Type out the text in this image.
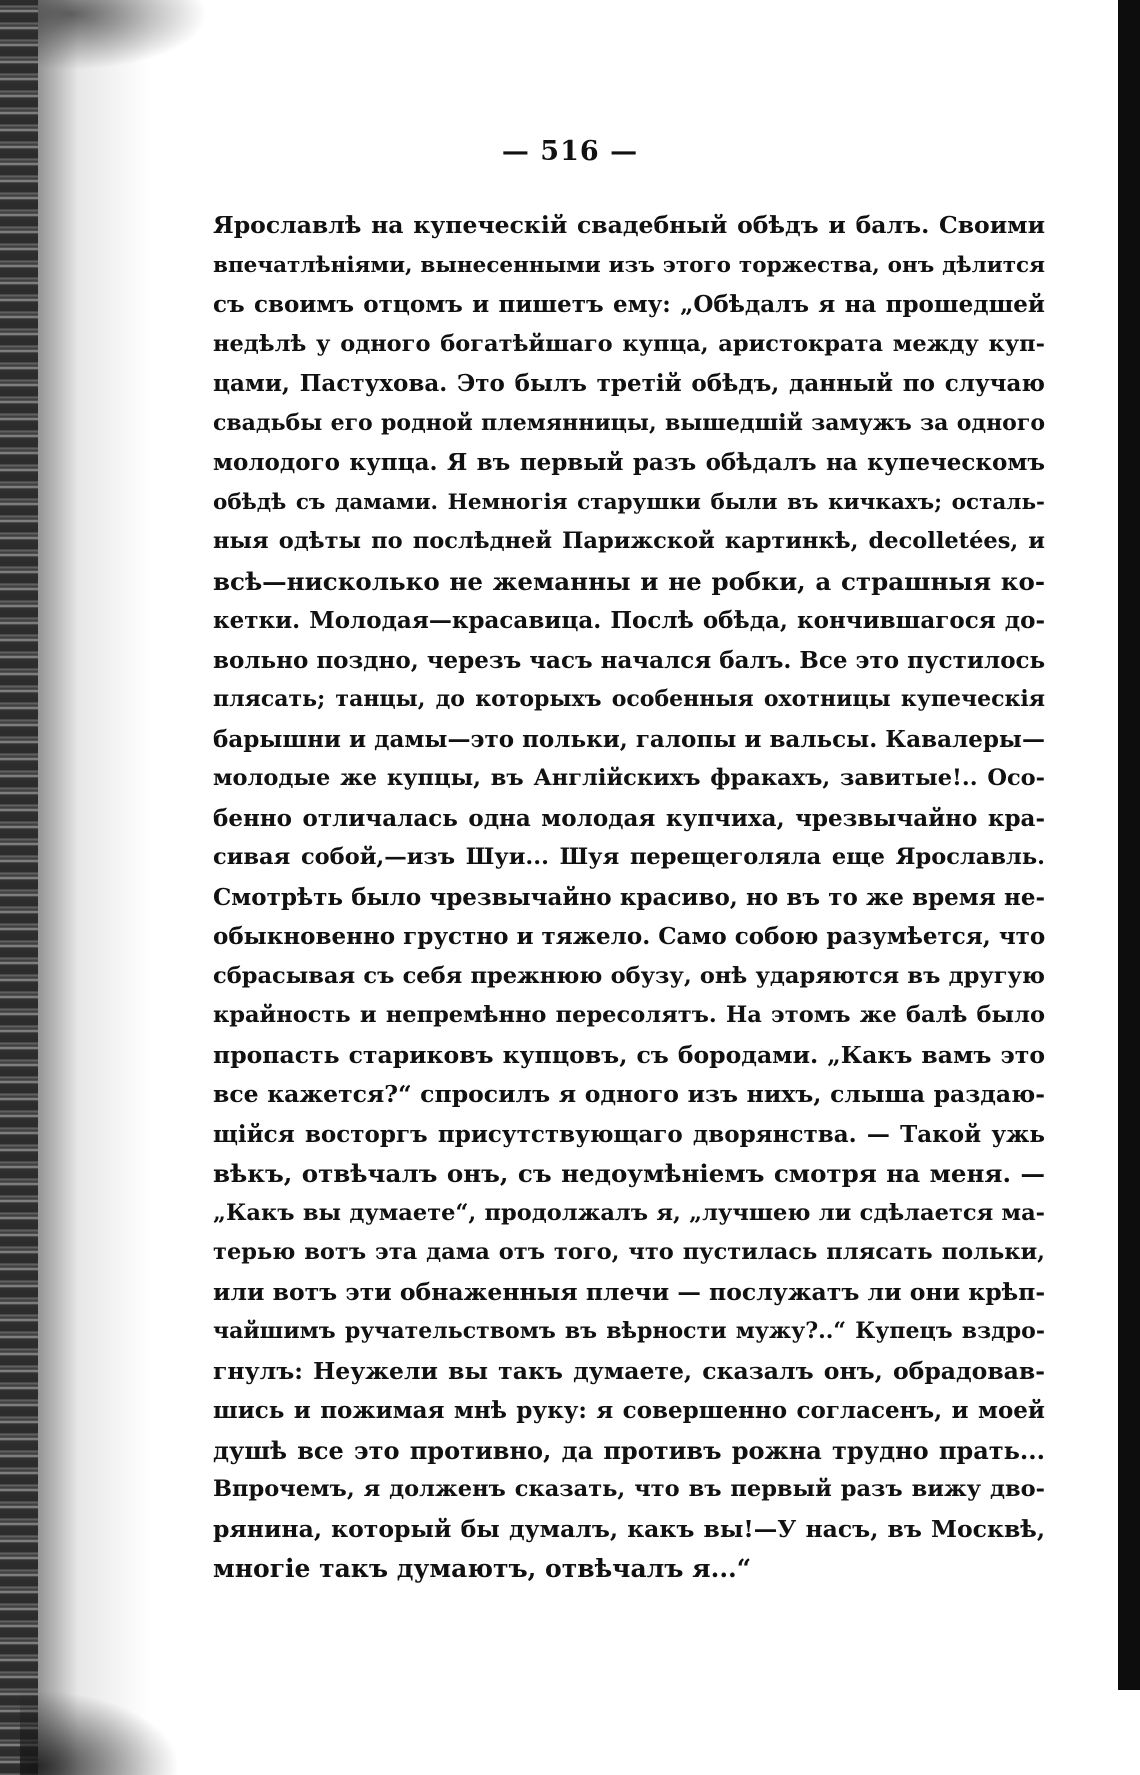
— 516 —
Ярославлѣ на купеческій свадебный обѣдъ и балъ. Своими
впечатлѣніями, вынесенными изъ этого торжества, онъ дѣлится
съ своимъ отцомъ и пишетъ ему: „Обѣдалъ я на прошедшей
недѣлѣ у одного богатѣйшаго купца, аристократа между куп-
цами, Пастухова. Это былъ третій обѣдъ, данный по случаю
свадьбы его родной племянницы, вышедшій замужъ за одного
молодого купца. Я въ первый разъ обѣдалъ на купеческомъ
обѣдѣ съ дамами. Немногія старушки были въ кичкахъ; осталь-
ныя одѣты по послѣдней Парижской картинкѣ, decolletées, и
всѣ—нисколько не жеманны и не робки, а страшныя ко-
кетки. Молодая—красавица. Послѣ обѣда, кончившагося до-
вольно поздно, черезъ часъ начался балъ. Все это пустилось
плясать; танцы, до которыхъ особенныя охотницы купеческія
барышни и дамы—это польки, галопы и вальсы. Кавалеры—
молодые же купцы, въ Англійскихъ фракахъ, завитые!.. Осо-
бенно отличалась одна молодая купчиха, чрезвычайно кра-
сивая собой,—изъ Шуи... Шуя перещеголяла еще Ярославль.
Смотрѣть было чрезвычайно красиво, но въ то же время не-
обыкновенно грустно и тяжело. Само собою разумѣется, что
сбрасывая съ себя прежнюю обузу, онѣ ударяются въ другую
крайность и непремѣнно пересолятъ. На этомъ же балѣ было
пропасть стариковъ купцовъ, съ бородами. „Какъ вамъ это
все кажется?“ спросилъ я одного изъ нихъ, слыша раздаю-
щійся восторгъ присутствующаго дворянства. — Такой ужь
вѣкъ, отвѣчалъ онъ, съ недоумѣніемъ смотря на меня. —
„Какъ вы думаете“, продолжалъ я, „лучшею ли сдѣлается ма-
терью вотъ эта дама отъ того, что пустилась плясать польки,
или вотъ эти обнаженныя плечи — послужатъ ли они крѣп-
чайшимъ ручательствомъ въ вѣрности мужу?..“ Купецъ вздро-
гнулъ: Неужели вы такъ думаете, сказалъ онъ, обрадовав-
шись и пожимая мнѣ руку: я совершенно согласенъ, и моей
душѣ все это противно, да противъ рожна трудно прать...
Впрочемъ, я долженъ сказать, что въ первый разъ вижу дво-
рянина, который бы думалъ, какъ вы!—У насъ, въ Москвѣ,
многіе такъ думаютъ, отвѣчалъ я...“
